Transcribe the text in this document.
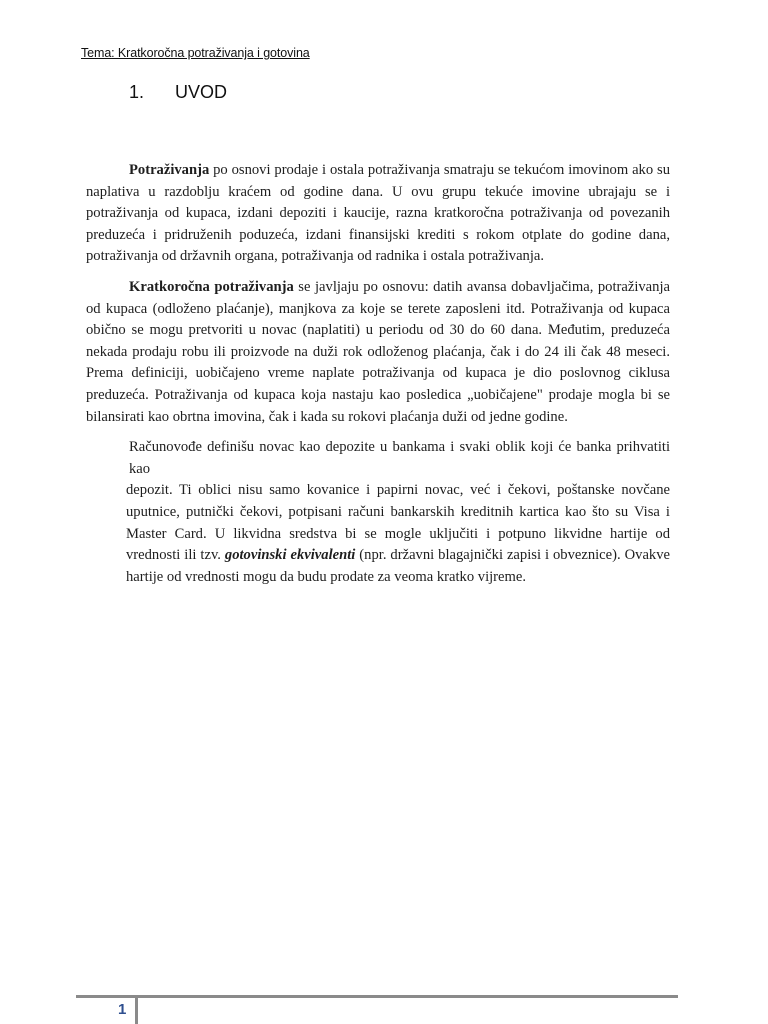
Tema: Kratkoročna potraživanja i gotovina
1. UVOD

Potraživanja po osnovi prodaje i ostala potraživanja smatraju se tekućom imovinom ako su naplativa u razdoblju kraćem od godine dana. U ovu grupu tekuće imovine ubrajaju se i potraživanja od kupaca, izdani depoziti i kaucije, razna kratkoročna potraživanja od povezanih preduzeća i pridruženih poduzeća, izdani finansijski krediti s rokom otplate do godine dana, potraživanja od državnih organa, potraživanja od radnika i ostala potraživanja.

Kratkoročna potraživanja se javljaju po osnovu: datih avansa dobavljačima, potraživanja od kupaca (odloženo plaćanje), manjkova za koje se terete zaposleni itd. Potraživanja od kupaca obično se mogu pretvoriti u novac (naplatiti) u periodu od 30 do 60 dana. Međutim, preduzeća nekada prodaju robu ili proizvode na duži rok odloženog plaćanja, čak i do 24 ili čak 48 meseci. Prema definiciji, uobičajeno vreme naplate potraživanja od kupaca je dio poslovnog ciklusa preduzeća. Potraživanja od kupaca koja nastaju kao posledica „uobičajene" prodaje mogla bi se bilansirati kao obrtna imovina, čak i kada su rokovi plaćanja duži od jedne godine.

Računovođe definišu novac kao depozite u bankama i svaki oblik koji će banka prihvatiti kao
depozit. Ti oblici nisu samo kovanice i papirni novac, već i čekovi, poštanske novčane uputnice, putnički čekovi, potpisani računi bankarskih kreditnih kartica kao što su Visa i Master Card. U likvidna sredstva bi se mogle uključiti i potpuno likvidne hartije od vrednosti ili tzv. gotovinski ekvivalenti (npr. državni blagajnički zapisi i obveznice). Ovakve hartije od vrednosti mogu da budu prodate za veoma kratko vijreme.

1
